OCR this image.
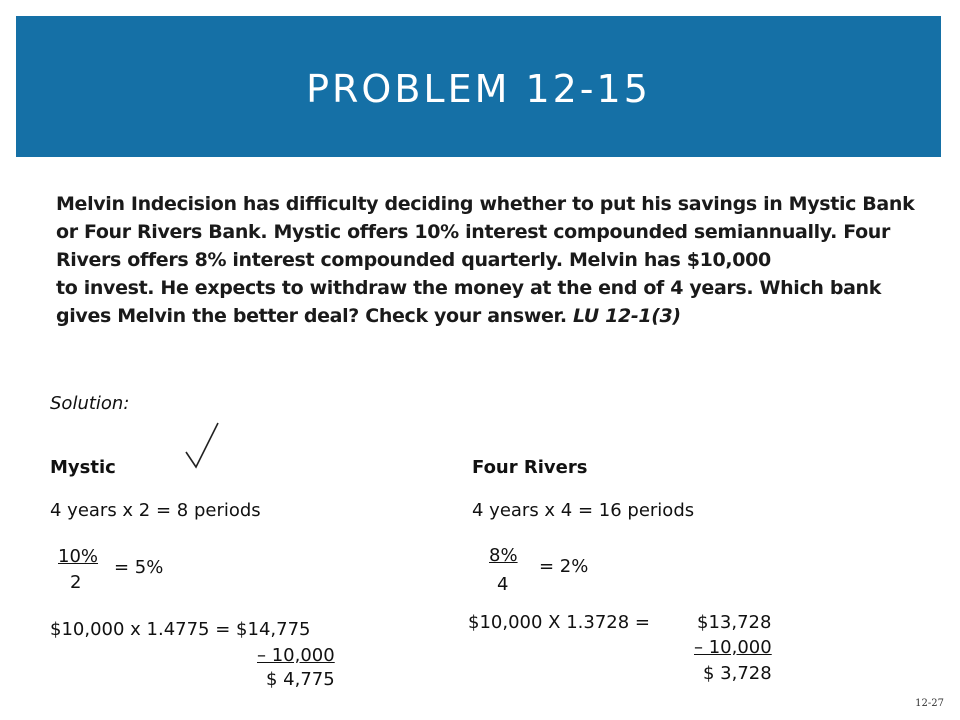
PROBLEM 12-15
Melvin Indecision has difficulty deciding whether to put his savings in Mystic Bank
or Four Rivers Bank. Mystic offers 10% interest compounded semiannually. Four
Rivers offers 8% interest compounded quarterly. Melvin has $10,000
to invest. He expects to withdraw the money at the end of 4 years. Which bank
gives Melvin the better deal? Check your answer. LU 12-1(3)
Solution:
Mystic
4 years x 2 = 8 periods
10%
2
= 5%
$10,000 x 1.4775 = $14,775
– 10,000
$ 4,775
Four Rivers
4 years x 4 = 16 periods
8%
4
= 2%
$10,000 X 1.3728 =	$13,728
– 10,000
$ 3,728
12-27
